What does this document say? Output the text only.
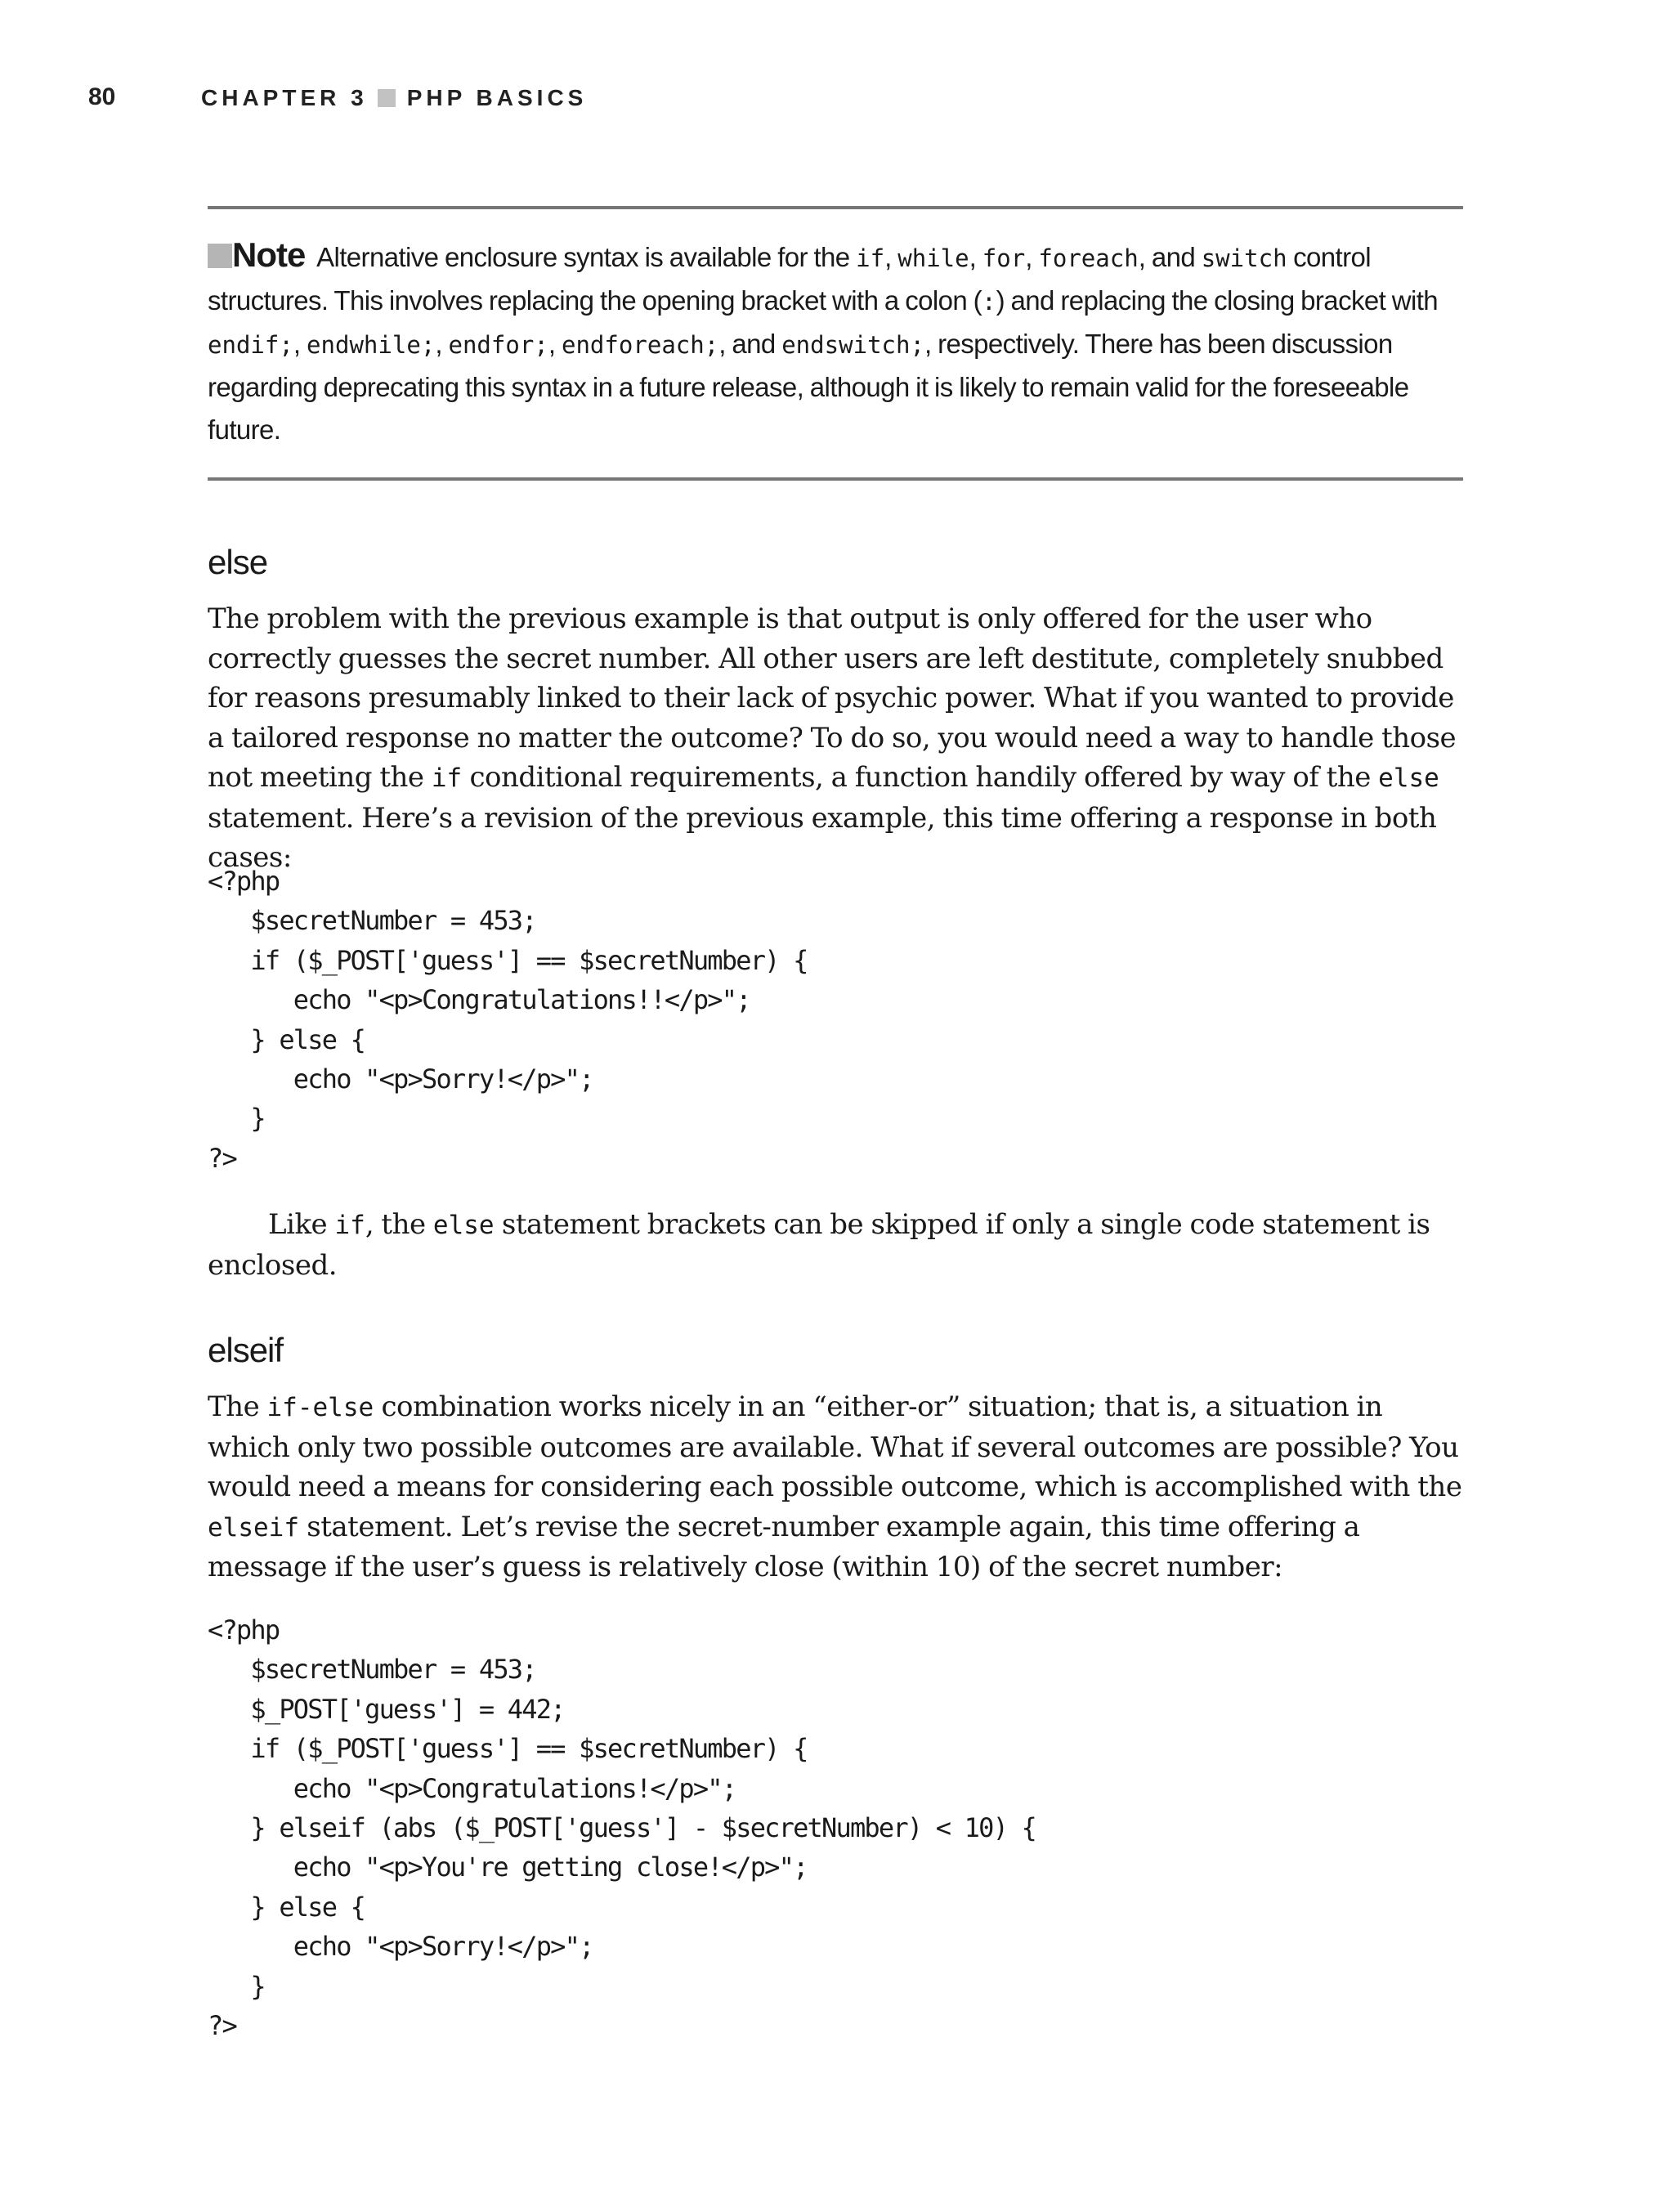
80	CHAPTER 3 PHP BASICS
Note Alternative enclosure syntax is available for the if, while, for, foreach, and switch control structures. This involves replacing the opening bracket with a colon (:) and replacing the closing bracket with endif;, endwhile;, endfor;, endforeach;, and endswitch;, respectively. There has been discussion regarding deprecating this syntax in a future release, although it is likely to remain valid for the foreseeable future.
else

The problem with the previous example is that output is only offered for the user who correctly guesses the secret number. All other users are left destitute, completely snubbed for reasons presumably linked to their lack of psychic power. What if you wanted to provide a tailored response no matter the outcome? To do so, you would need a way to handle those not meeting the if conditional requirements, a function handily offered by way of the else statement. Here’s a revision of the previous example, this time offering a response in both cases:

<?php
$secretNumber = 453;
if ($_POST['guess'] == $secretNumber) {
echo "<p>Congratulations!!</p>";
} else {
echo "<p>Sorry!</p>";
}
?>

Like if, the else statement brackets can be skipped if only a single code statement is enclosed.

elseif

The if-else combination works nicely in an “either-or” situation; that is, a situation in which only two possible outcomes are available. What if several outcomes are possible? You would need a means for considering each possible outcome, which is accomplished with the elseif statement. Let’s revise the secret-number example again, this time offering a message if the user’s guess is relatively close (within 10) of the secret number:

<?php
$secretNumber = 453;
$_POST['guess'] = 442;
if ($_POST['guess'] == $secretNumber) {
echo "<p>Congratulations!</p>";
} elseif (abs ($_POST['guess'] - $secretNumber) < 10) {
echo "<p>You're getting close!</p>";
} else {
echo "<p>Sorry!</p>";
}
?>
